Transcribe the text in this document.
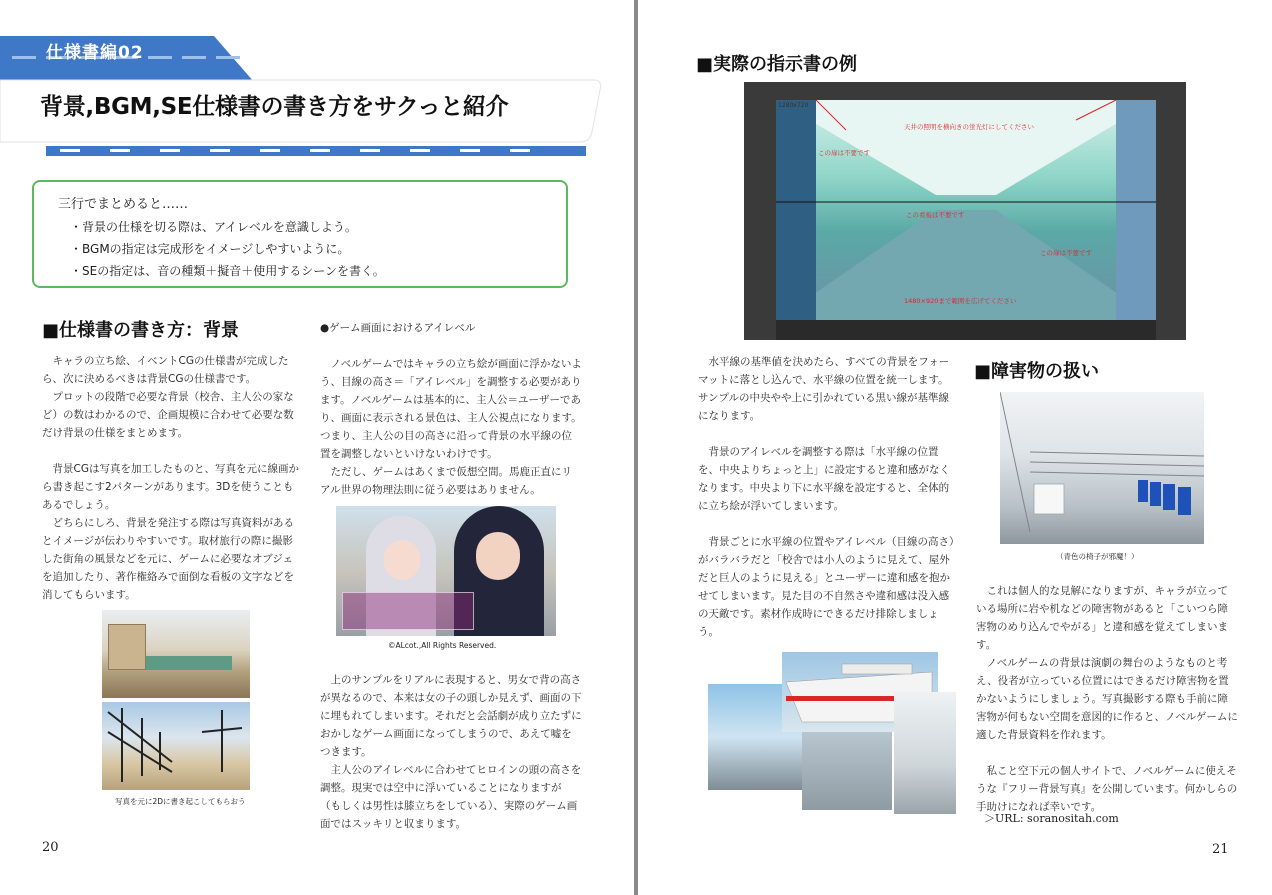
仕様書編02
背景,BGM,SE仕様書の書き方をサクっと紹介
三行でまとめると……
・背景の仕様を切る際は、アイレベルを意識しよう。
・BGMの指定は完成形をイメージしやすいように。
・SEの指定は、音の種類＋擬音＋使用するシーンを書く。
■仕様書の書き方：背景

　キャラの立ち絵、イベントCGの仕様書が完成したら、次に決めるべきは背景CGの仕様書です。
　プロットの段階で必要な背景（校舎、主人公の家など）の数はわかるので、企画規模に合わせて必要な数だけ背景の仕様をまとめます。

　背景CGは写真を加工したものと、写真を元に線画から書き起こす2パターンがあります。3Dを使うこともあるでしょう。
　どちらにしろ、背景を発注する際は写真資料があるとイメージが伝わりやすいです。取材旅行の際に撮影した街角の風景などを元に、ゲームに必要なオブジェを追加したり、著作権絡みで面倒な看板の文字などを消してもらいます。

写真を元に2Dに書き起こしてもらおう
●ゲーム画面におけるアイレベル

　ノベルゲームではキャラの立ち絵が画面に浮かないよう、目線の高さ＝「アイレベル」を調整する必要があります。ノベルゲームは基本的に、主人公＝ユーザーであり、画面に表示される景色は、主人公視点になります。つまり、主人公の目の高さに沿って背景の水平線の位置を調整しないといけないわけです。
　ただし、ゲームはあくまで仮想空間。馬鹿正直にリアル世界の物理法則に従う必要はありません。

©ALcot.,All Rights Reserved.

　上のサンプルをリアルに表現すると、男女で背の高さが異なるので、本来は女の子の頭しか見えず、画面の下に埋もれてしまいます。それだと会話劇が成り立たずにおかしなゲーム画面になってしまうので、あえて嘘をつきます。
　主人公のアイレベルに合わせてヒロインの頭の高さを調整。現実では空中に浮いていることになりますが（もしくは男性は膝立ちをしている）、実際のゲーム画面ではスッキリと収まります。

20
■実際の指示書の例
1280x720
天井の照明を横向きの蛍光灯にしてください
この扉は不要です
この看板は不要です
この扉は不要です
1480×920まで範囲を広げてください

　水平線の基準値を決めたら、すべての背景をフォーマットに落とし込んで、水平線の位置を統一します。サンプルの中央やや上に引かれている黒い線が基準線になります。

　背景のアイレベルを調整する際は「水平線の位置を、中央よりちょっと上」に設定すると違和感がなくなります。中央より下に水平線を設定すると、全体的に立ち絵が浮いてしまいます。

　背景ごとに水平線の位置やアイレベル（目線の高さ）がバラバラだと「校舎では小人のように見えて、屋外だと巨人のように見える」とユーザーに違和感を抱かせてしまいます。見た目の不自然さや違和感は没入感の天敵です。素材作成時にできるだけ排除しましょう。

■障害物の扱い
（青色の椅子が邪魔！）

　これは個人的な見解になりますが、キャラが立っている場所に岩や机などの障害物があると「こいつら障害物のめり込んでやがる」と違和感を覚えてしまいます。
　ノベルゲームの背景は演劇の舞台のようなものと考え、役者が立っている位置にはできるだけ障害物を置かないようにしましょう。写真撮影する際も手前に障害物が何もない空間を意図的に作ると、ノベルゲームに適した背景資料を作れます。

　私こと空下元の個人サイトで、ノベルゲームに使えそうな『フリー背景写真』を公開しています。何かしらの手助けになれば幸いです。

＞URL: soranositah.com
21
